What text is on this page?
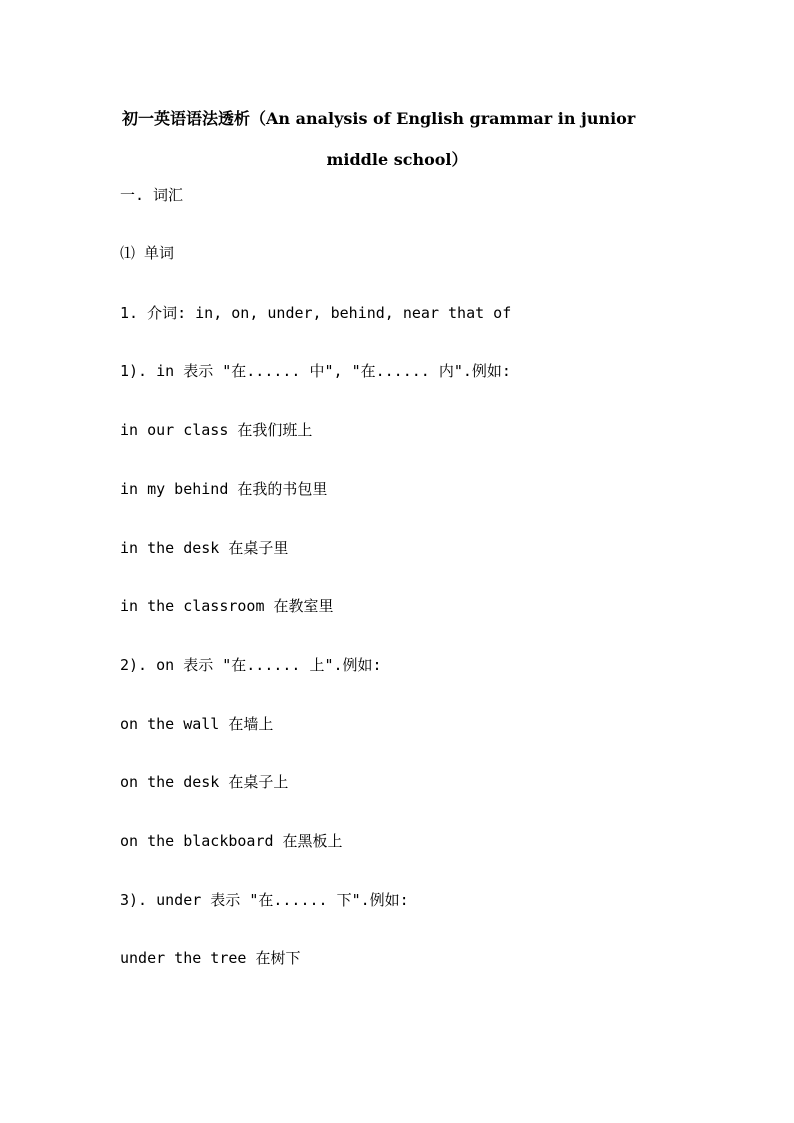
初一英语语法透析（An analysis of English grammar in junior
middle school）
一. 词汇
⑴ 单词
1. 介词: in, on, under, behind, near that of
1). in 表示 "在...... 中", "在...... 内".例如:
in our class 在我们班上
in my behind 在我的书包里
in the desk 在桌子里
in the classroom 在教室里
2). on 表示 "在...... 上".例如:
on the wall 在墙上
on the desk 在桌子上
on the blackboard 在黑板上
3). under 表示 "在...... 下".例如:
under the tree 在树下
